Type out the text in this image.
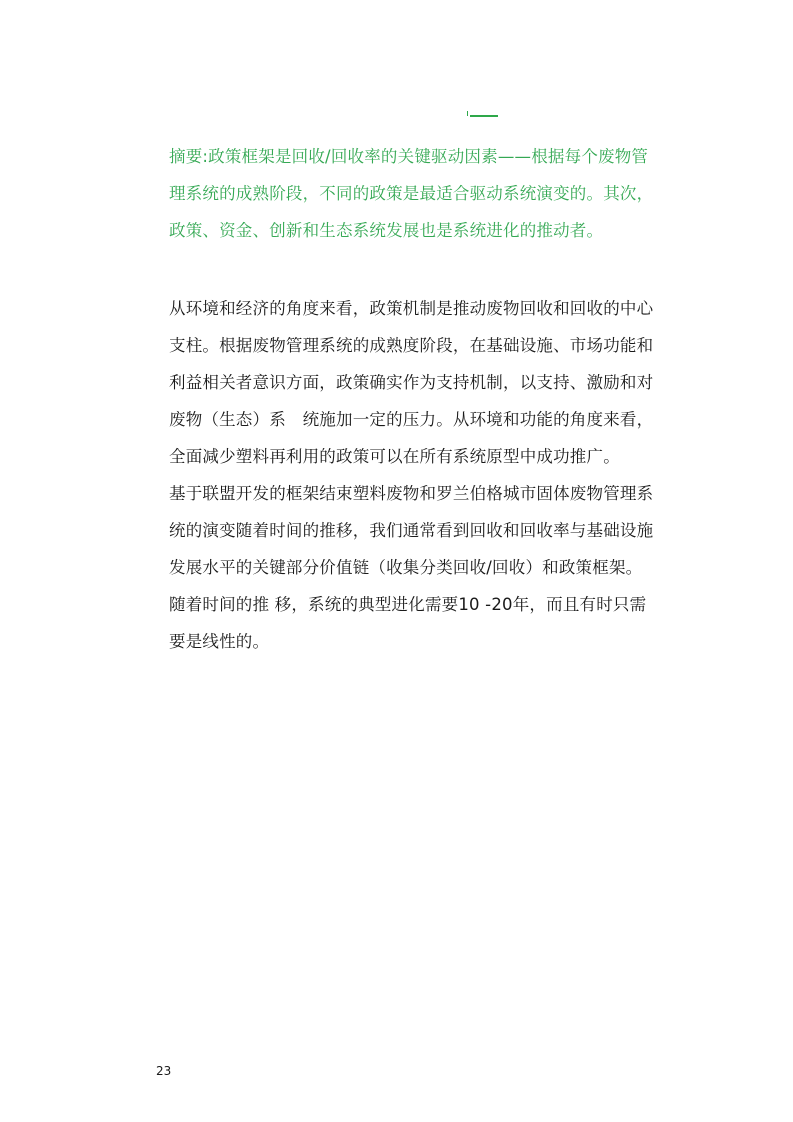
摘要:政策框架是回收/回收率的关键驱动因素——根据每个废物管
理系统的成熟阶段，不同的政策是最适合驱动系统演变的。其次，
政策、资金、创新和生态系统发展也是系统进化的推动者。
从环境和经济的角度来看，政策机制是推动废物回收和回收的中心
支柱。根据废物管理系统的成熟度阶段，在基础设施、市场功能和
利益相关者意识方面，政策确实作为支持机制，以支持、激励和对
废物（生态）系　统施加一定的压力。从环境和功能的角度来看，
全面减少塑料再利用的政策可以在所有系统原型中成功推广。
基于联盟开发的框架结束塑料废物和罗兰伯格城市固体废物管理系
统的演变随着时间的推移，我们通常看到回收和回收率与基础设施
发展水平的关键部分价值链（收集分类回收/回收）和政策框架。
随着时间的推 移，系统的典型进化需要10 -20年，而且有时只需
要是线性的。
23
